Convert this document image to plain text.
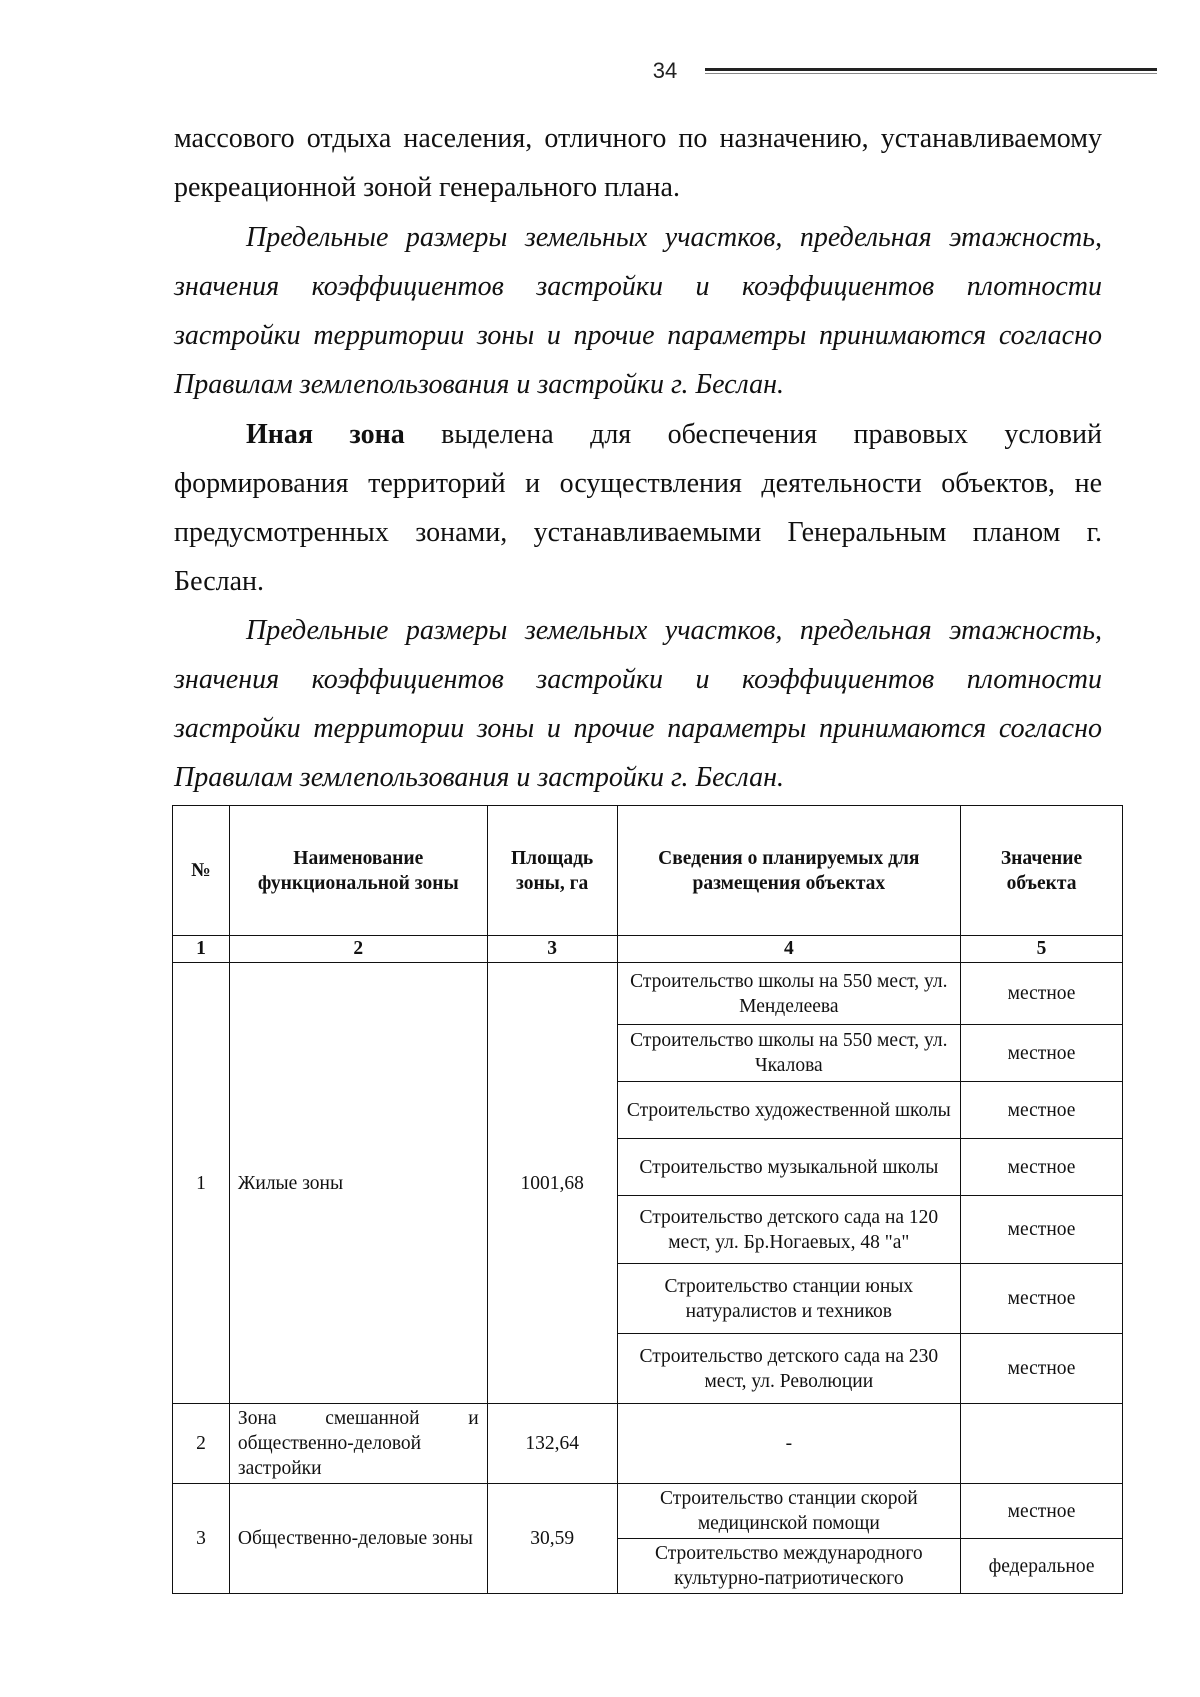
34

массового отдыха населения, отличного по назначению, устанавливаемому рекреационной зоной генерального плана.

Предельные размеры земельных участков, предельная этажность, значения коэффициентов застройки и коэффициентов плотности застройки территории зоны и прочие параметры принимаются согласно Правилам землепользования и застройки г. Беслан.

Иная зона выделена для обеспечения правовых условий формирования территорий и осуществления деятельности объектов, не предусмотренных зонами, устанавливаемыми Генеральным планом г. Беслан.

Предельные размеры земельных участков, предельная этажность, значения коэффициентов застройки и коэффициентов плотности застройки территории зоны и прочие параметры принимаются согласно Правилам землепользования и застройки г. Беслан.

№	Наименование функциональной зоны	Площадь зоны, га	Сведения о планируемых для размещения объектах	Значение объекта
1	2	3	4	5
1	Жилые зоны	1001,68	Строительство школы на 550 мест, ул. Менделеева	местное
			Строительство школы на 550 мест, ул. Чкалова	местное
			Строительство художественной школы	местное
			Строительство музыкальной школы	местное
			Строительство детского сада на 120 мест, ул. Бр.Ногаевых, 48 "а"	местное
			Строительство станции юных натуралистов и техников	местное
			Строительство детского сада на 230 мест, ул. Революции	местное
2	Зона смешанной и общественно-деловой застройки	132,64	-	
3	Общественно-деловые зоны	30,59	Строительство станции скорой медицинской помощи	местное
			Строительство международного культурно-патриотического	федеральное
